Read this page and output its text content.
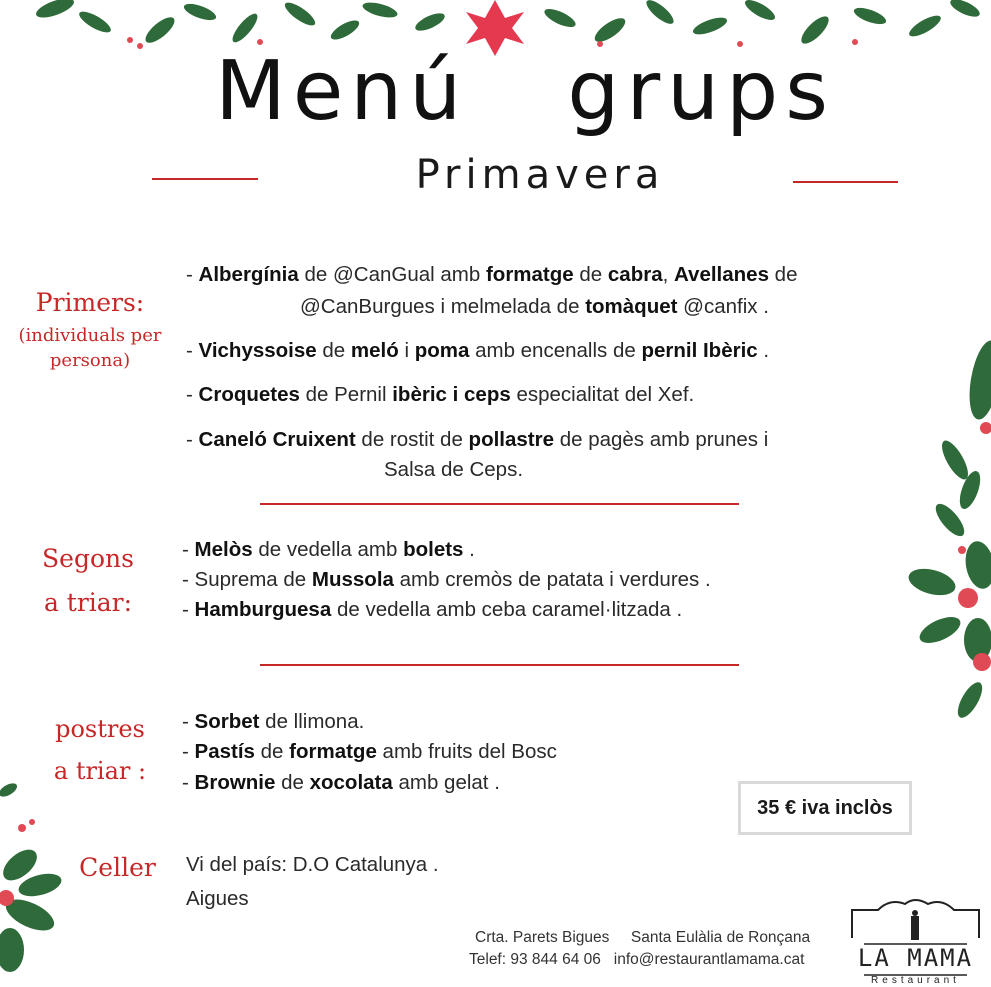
Menú   grups
Primavera
Primers:
(individuals per
persona)
- Albergínia de @CanGual amb formatge de cabra, Avellanes de
@CanBurgues i melmelada de tomàquet @canfix .
- Vichyssoise de meló i poma amb encenalls de pernil Ibèric .
- Croquetes de Pernil ibèric i ceps especialitat del Xef.
- Caneló Cruixent de rostit de pollastre de pagès amb prunes i
Salsa de Ceps.
Segons
a triar:
- Melòs de vedella amb bolets .
- Suprema de Mussola amb cremòs de patata i verdures .
- Hamburguesa de vedella amb ceba caramel·litzada .
postres
a triar :
- Sorbet de llimona.
- Pastís de formatge amb fruits del Bosc
- Brownie de xocolata amb gelat .
35 € iva inclòs
Celler	Vi del país: D.O Catalunya .
Aigues
Crta. Parets Bigues     Santa Eulàlia de Ronçana
Telef: 93 844 64 06   info@restaurantlamama.cat	LA MAMA
Restaurant
